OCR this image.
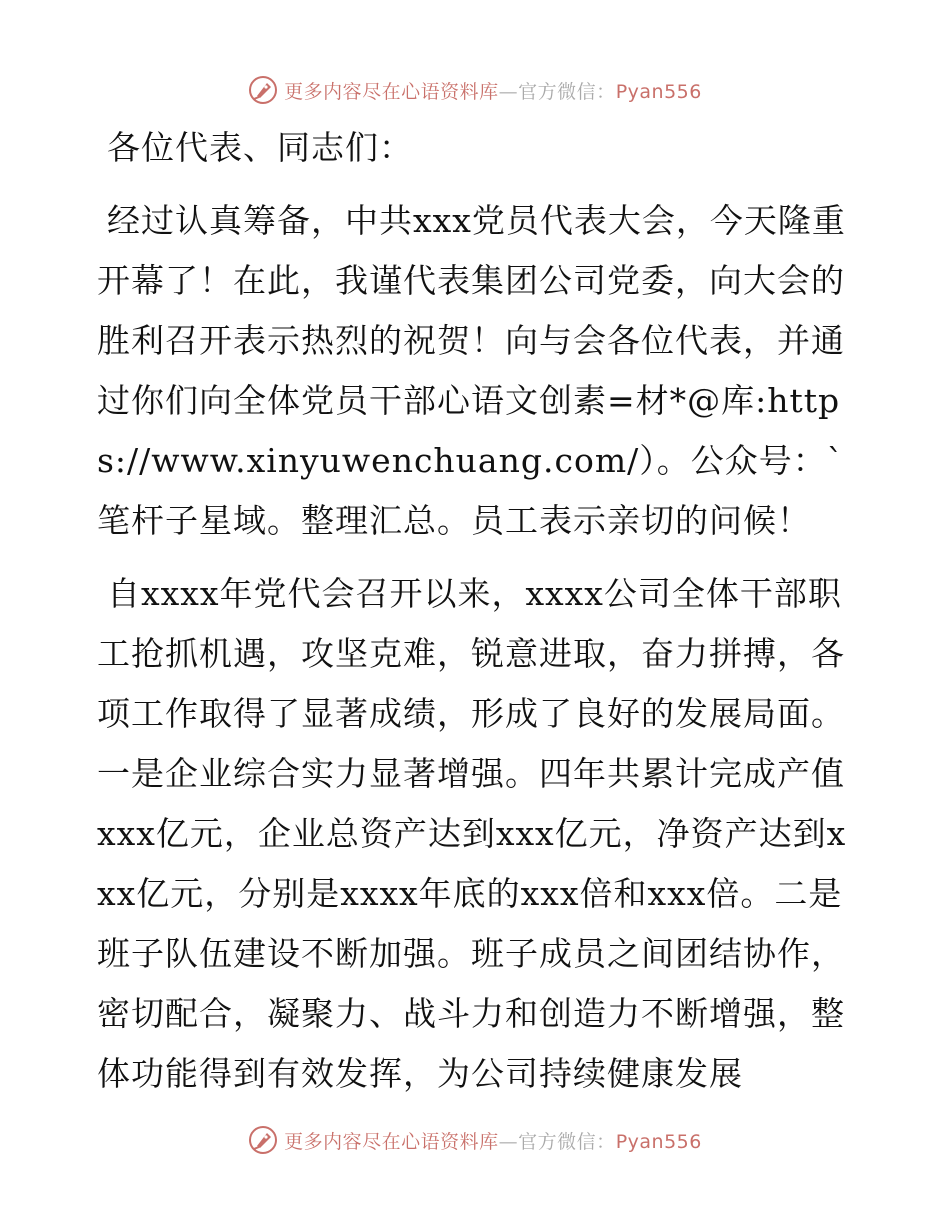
更多内容尽在心语资料库—官方微信：Pyan556

各位代表、同志们：

经过认真筹备，中共xxx党员代表大会，今天隆重开幕了！在此，我谨代表集团公司党委，向大会的胜利召开表示热烈的祝贺！向与会各位代表，并通过你们向全体党员干部心语文创素=材*@库:https://www.xinyuwenchuang.com/）。公众号：`笔杆子星域。整理汇总。员工表示亲切的问候！

自xxxx年党代会召开以来，xxxx公司全体干部职工抢抓机遇，攻坚克难，锐意进取，奋力拼搏，各项工作取得了显著成绩，形成了良好的发展局面。一是企业综合实力显著增强。四年共累计完成产值xxx亿元，企业总资产达到xxx亿元，净资产达到xxx亿元，分别是xxxx年底的xxx倍和xxx倍。二是班子队伍建设不断加强。班子成员之间团结协作，密切配合，凝聚力、战斗力和创造力不断增强，整体功能得到有效发挥，为公司持续健康发展

更多内容尽在心语资料库—官方微信：Pyan556
